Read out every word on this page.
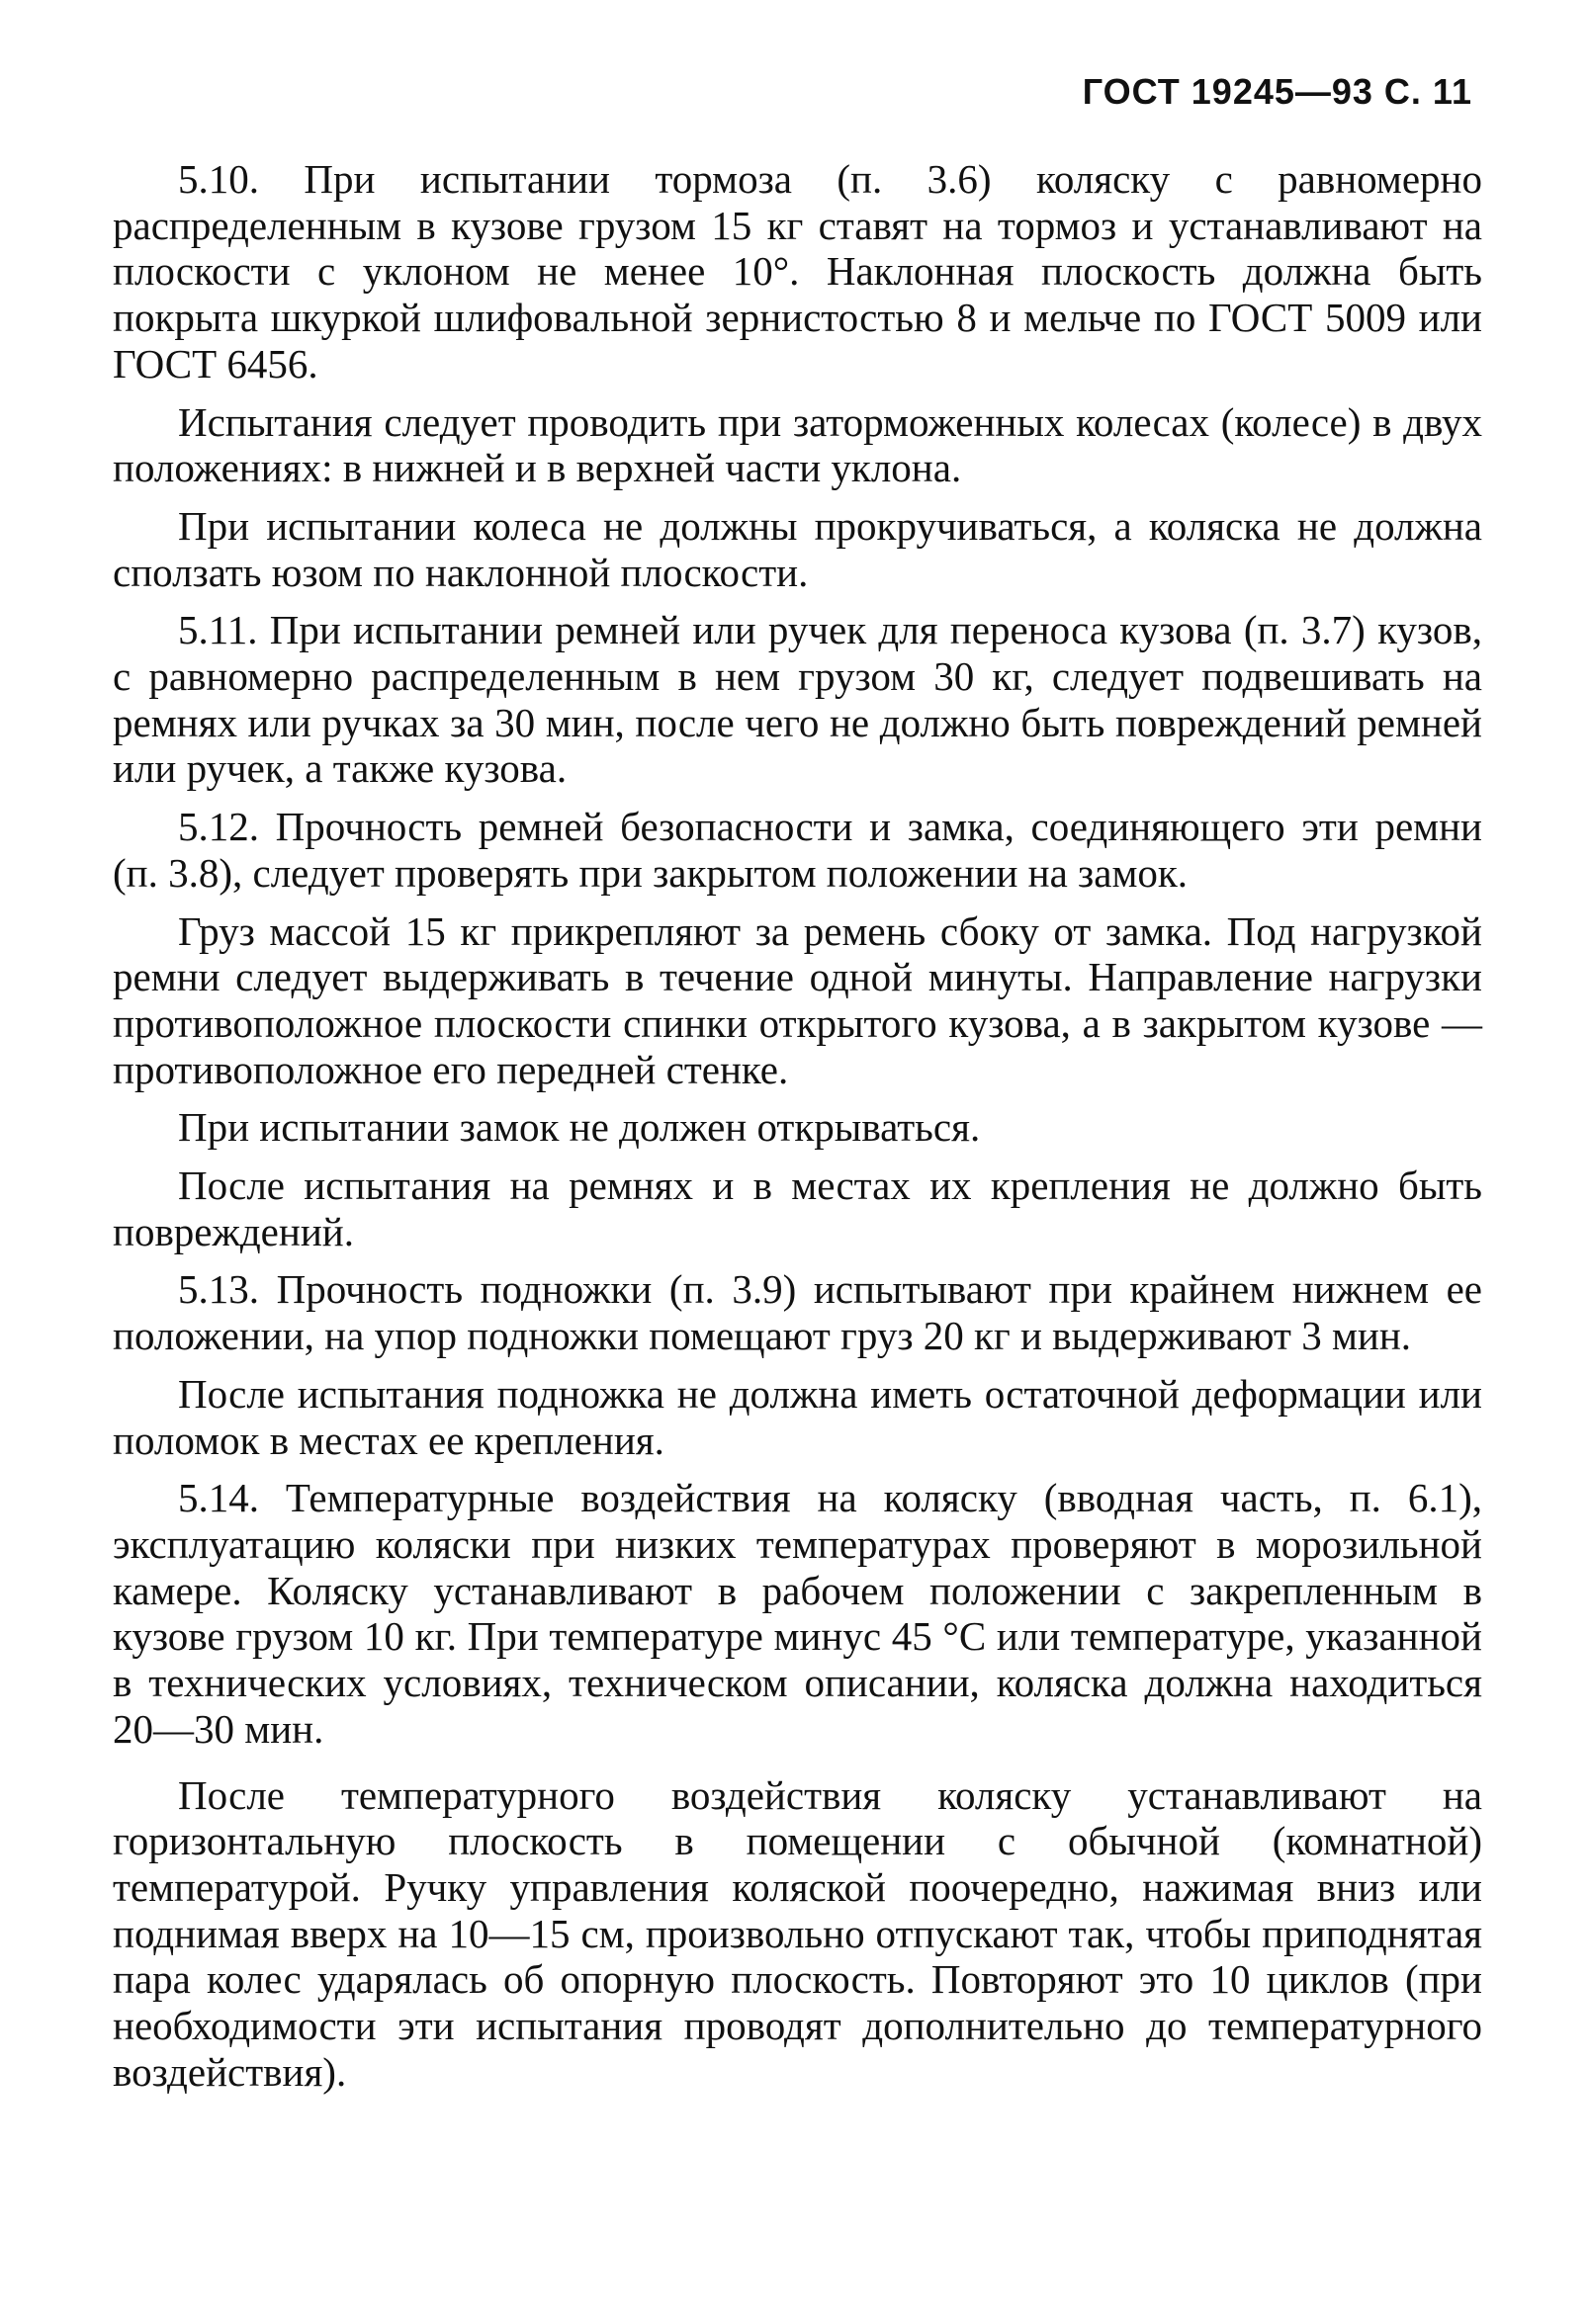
ГОСТ 19245—93 С. 11

5.10. При испытании тормоза (п. 3.6) коляску с равномерно распределенным в кузове грузом 15 кг ставят на тормоз и устанавливают на плоскости с уклоном не менее 10°. Наклонная плоскость должна быть покрыта шкуркой шлифовальной зернистостью 8 и мельче по ГОСТ 5009 или ГОСТ 6456.

Испытания следует проводить при заторможенных колесах (колесе) в двух положениях: в нижней и в верхней части уклона.

При испытании колеса не должны прокручиваться, а коляска не должна сползать юзом по наклонной плоскости.

5.11. При испытании ремней или ручек для переноса кузова (п. 3.7) кузов, с равномерно распределенным в нем грузом 30 кг, следует подвешивать на ремнях или ручках за 30 мин, после чего не должно быть повреждений ремней или ручек, а также кузова.

5.12. Прочность ремней безопасности и замка, соединяющего эти ремни (п. 3.8), следует проверять при закрытом положении на замок.

Груз массой 15 кг прикрепляют за ремень сбоку от замка. Под нагрузкой ремни следует выдерживать в течение одной минуты. Направление нагрузки противоположное плоскости спинки открытого кузова, а в закрытом кузове — противоположное его передней стенке.

При испытании замок не должен открываться.

После испытания на ремнях и в местах их крепления не должно быть повреждений.

5.13. Прочность подножки (п. 3.9) испытывают при крайнем нижнем ее положении, на упор подножки помещают груз 20 кг и выдерживают 3 мин.

После испытания подножка не должна иметь остаточной деформации или поломок в местах ее крепления.

5.14. Температурные воздействия на коляску (вводная часть, п. 6.1), эксплуатацию коляски при низких температурах проверяют в морозильной камере. Коляску устанавливают в рабочем положении с закрепленным в кузове грузом 10 кг. При температуре минус 45 °С или температуре, указанной в технических условиях, техническом описании, коляска должна находиться 20—30 мин.

После температурного воздействия коляску устанавливают на горизонтальную плоскость в помещении с обычной (комнатной) температурой. Ручку управления коляской поочередно, нажимая вниз или поднимая вверх на 10—15 см, произвольно отпускают так, чтобы приподнятая пара колес ударялась об опорную плоскость. Повторяют это 10 циклов (при необходимости эти испытания проводят дополнительно до температурного воздействия).
